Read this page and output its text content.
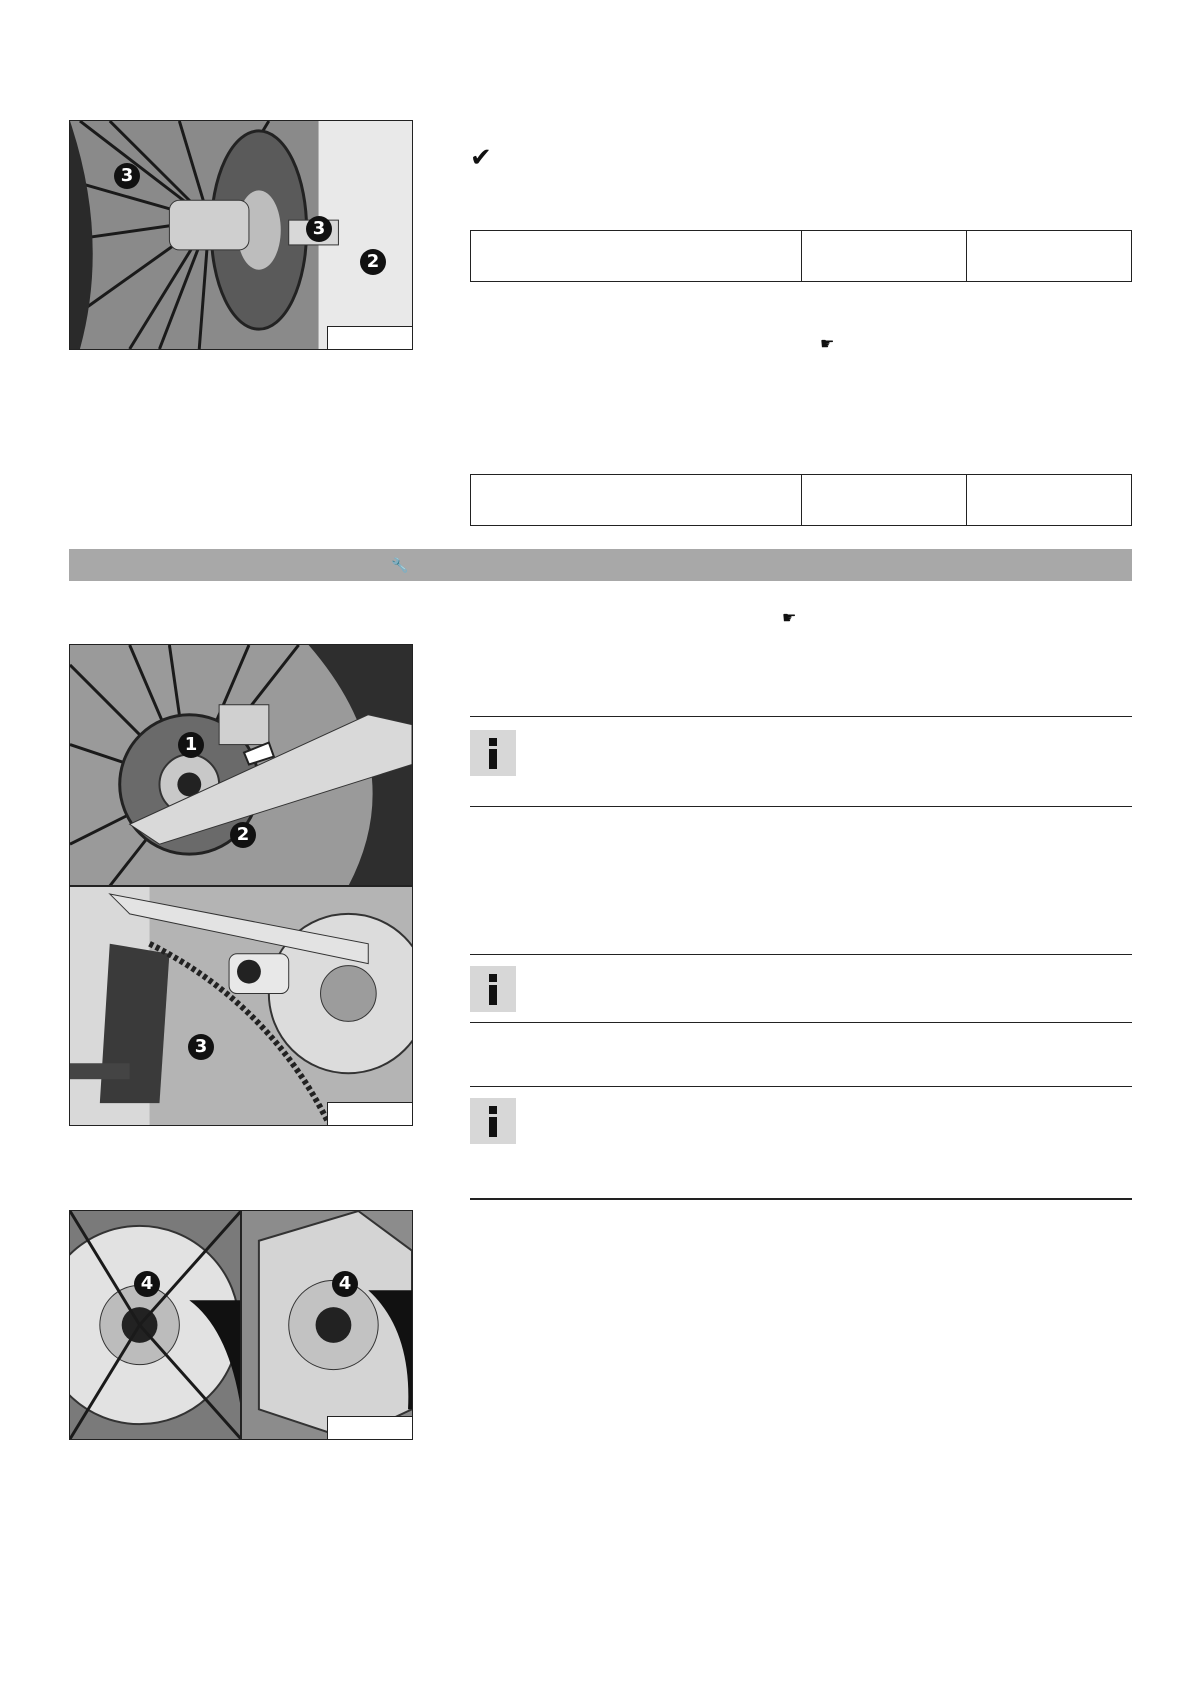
3
3
2
✔
☛
🔧
☛
1
2
3
4	4
